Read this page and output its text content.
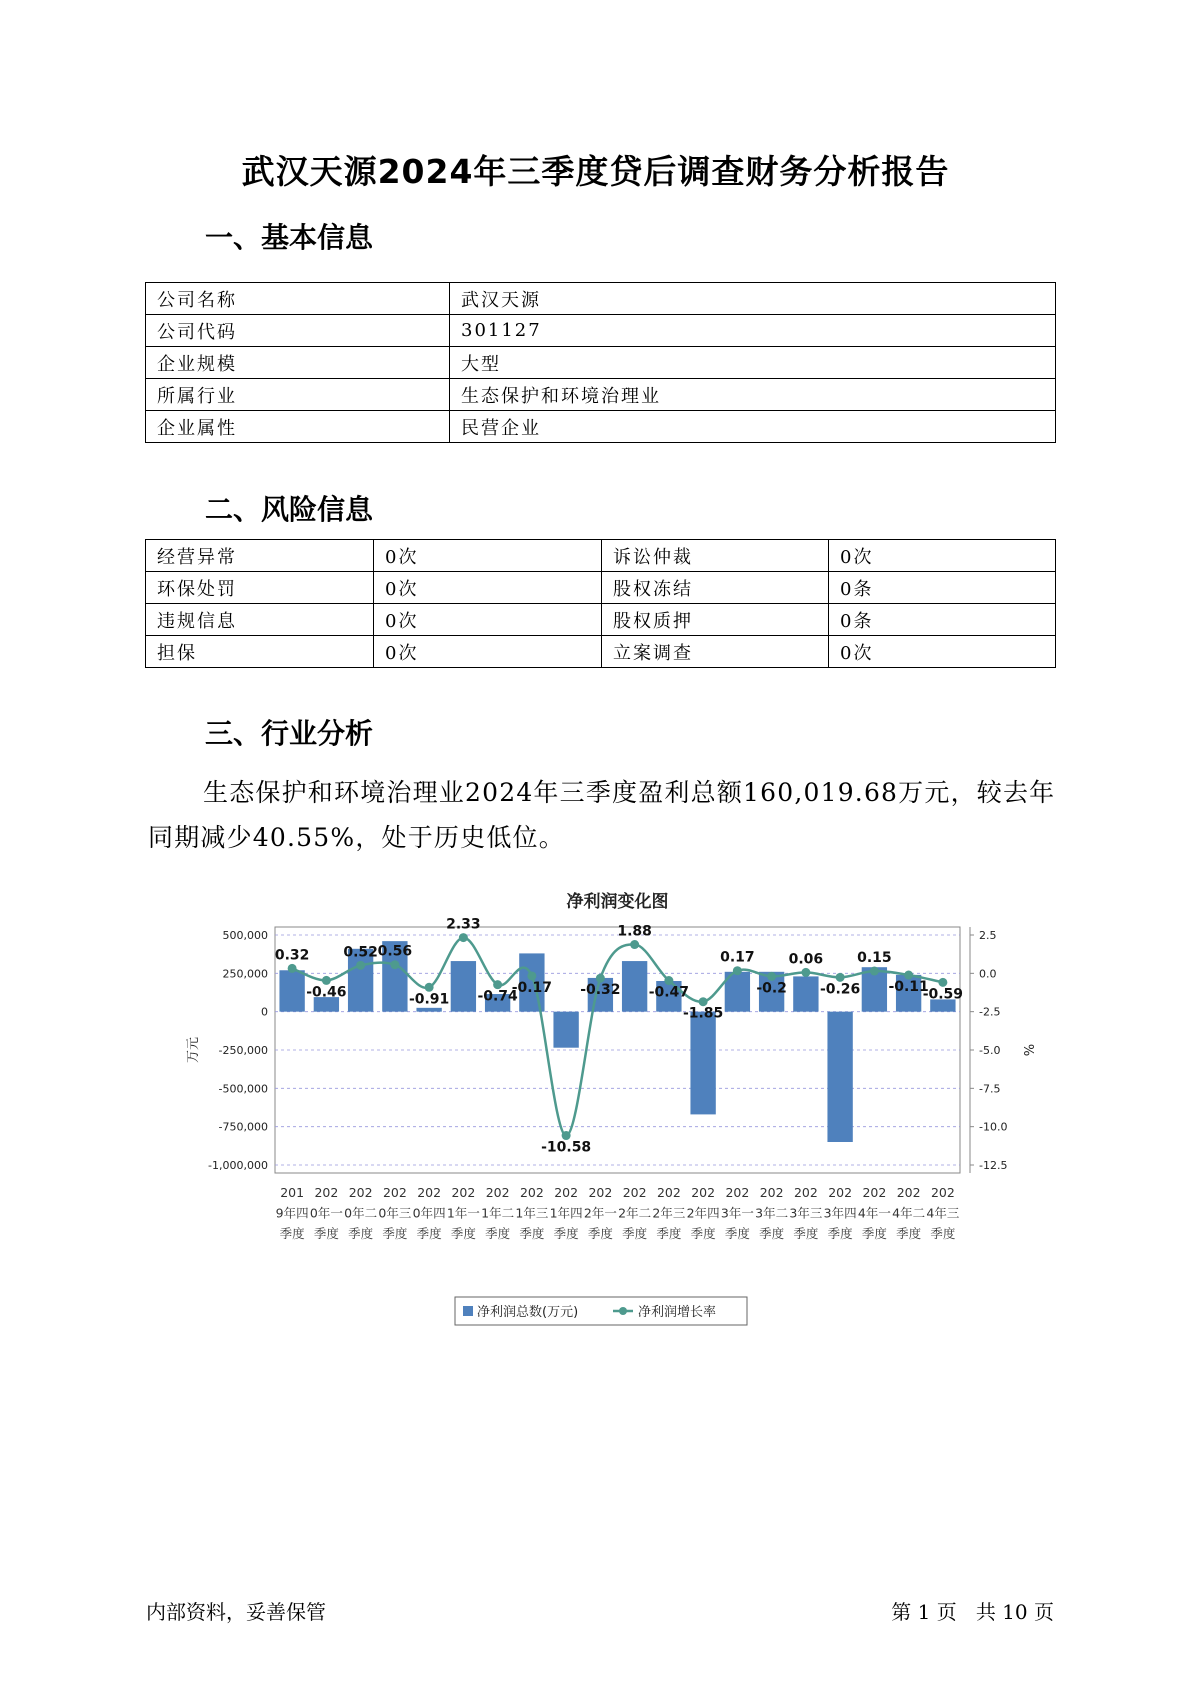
武汉天源2024年三季度贷后调查财务分析报告
一、基本信息
公司名称	武汉天源
公司代码	301127
企业规模	大型
所属行业	生态保护和环境治理业
企业属性	民营企业
二、风险信息
经营异常	0次	诉讼仲裁	0次
环保处罚	0次	股权冻结	0条
违规信息	0次	股权质押	0条
担保	0次	立案调查	0次
三、行业分析
生态保护和环境治理业2024年三季度盈利总额160,019.68万元，较去年同期减少40.55%，处于历史低位。
净利润变化图
500,000
250,000
0
-250,000
-500,000
-750,000
-1,000,000
2.5
0.0
-2.5
-5.0
-7.5
-10.0
-12.5
万元	%
0.32
-0.46
0.52 0.56
-0.91
2.33
-0.74
-0.17
-10.58
-0.32
1.88
-0.47
-1.85
0.17
-0.2
0.06
-0.26
0.15
-0.11
-0.59
201 9年四季度
202 0年一季度
202 0年二季度
202 0年三季度
202 0年四季度
202 1年一季度
202 1年二季度
202 1年三季度
202 1年四季度
202 2年一季度
202 2年二季度
202 2年三季度
202 2年四季度
202 3年一季度
202 3年二季度
202 3年三季度
202 3年四季度
202 4年一季度
202 4年二季度
202 4年三季度
净利润总数(万元)	净利润增长率
内部资料，妥善保管	第 1 页 共 10 页
